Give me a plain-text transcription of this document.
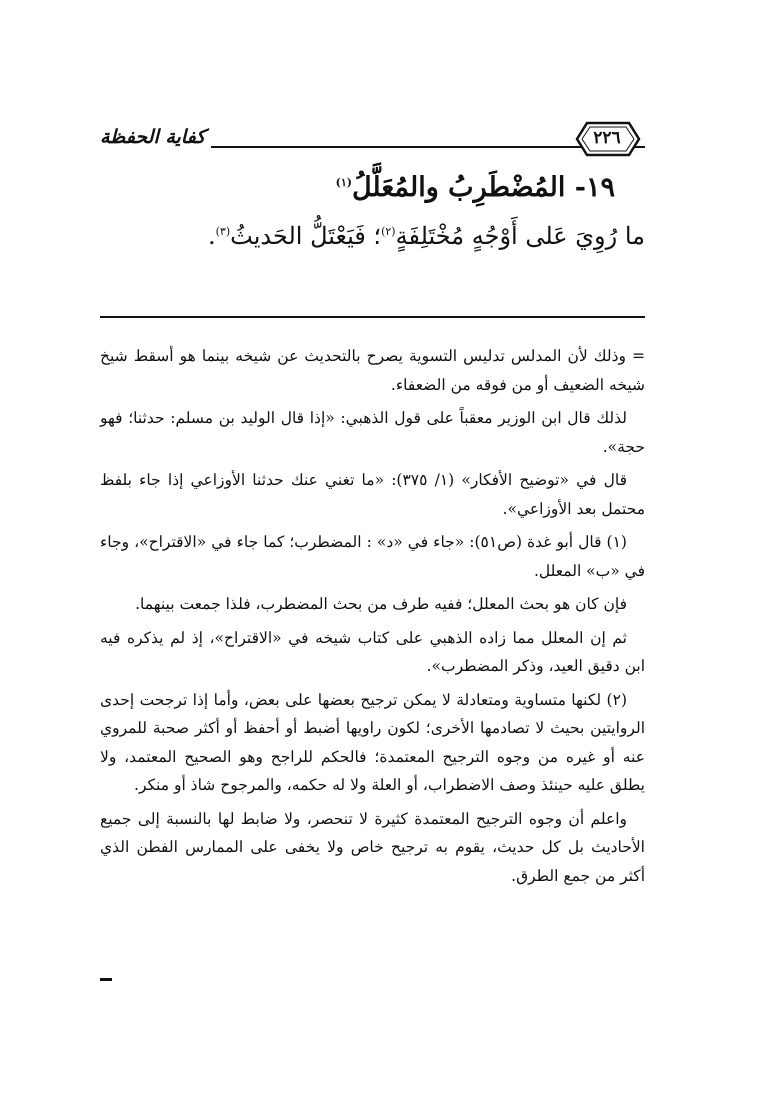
كفاية الحفظة	٢٢٦
١٩- المُضْطَرِبُ والمُعَلَّلُ$^{(١)}$
ما رُوِيَ عَلى أَوْجُهٍ مُخْتَلِفَةٍ$^{(٢)}$؛ فَيَعْتَلُّ الحَديثُ$^{(٣)}$.

= وذلك لأن المدلس تدليس التسوية يصرح بالتحديث عن شيخه بينما هو أسقط شيخ شيخه الضعيف أو من فوقه من الضعفاء.

لذلك قال ابن الوزير معقباً على قول الذهبي: «إذا قال الوليد بن مسلم: حدثنا؛ فهو حجة».

قال في «توضيح الأفكار» (١/ ٣٧٥): «ما تغني عنك حدثنا الأوزاعي إذا جاء بلفظ محتمل بعد الأوزاعي».

(١) قال أبو غدة (ص٥١): «جاء في «د» : المضطرب؛ كما جاء في «الاقتراح»، وجاء في «ب» المعلل.

فإن كان هو بحث المعلل؛ ففيه طرف من بحث المضطرب، فلذا جمعت بينهما.

ثم إن المعلل مما زاده الذهبي على كتاب شيخه في «الاقتراح»، إذ لم يذكره فيه ابن دقيق العيد، وذكر المضطرب».

(٢) لكنها متساوية ومتعادلة لا يمكن ترجيح بعضها على بعض، وأما إذا ترجحت إحدى الروايتين بحيث لا تصادمها الأخرى؛ لكون راويها أضبط أو أحفظ أو أكثر صحبة للمروي عنه أو غيره من وجوه الترجيح المعتمدة؛ فالحكم للراجح وهو الصحيح المعتمد، ولا يطلق عليه حينئذ وصف الاضطراب، أو العلة ولا له حكمه، والمرجوح شاذ أو منكر.

واعلم أن وجوه الترجيح المعتمدة كثيرة لا تنحصر، ولا ضابط لها بالنسبة إلى جميع الأحاديث بل كل حديث، يقوم به ترجيح خاص ولا يخفى على الممارس الفطن الذي أكثر من جمع الطرق.
